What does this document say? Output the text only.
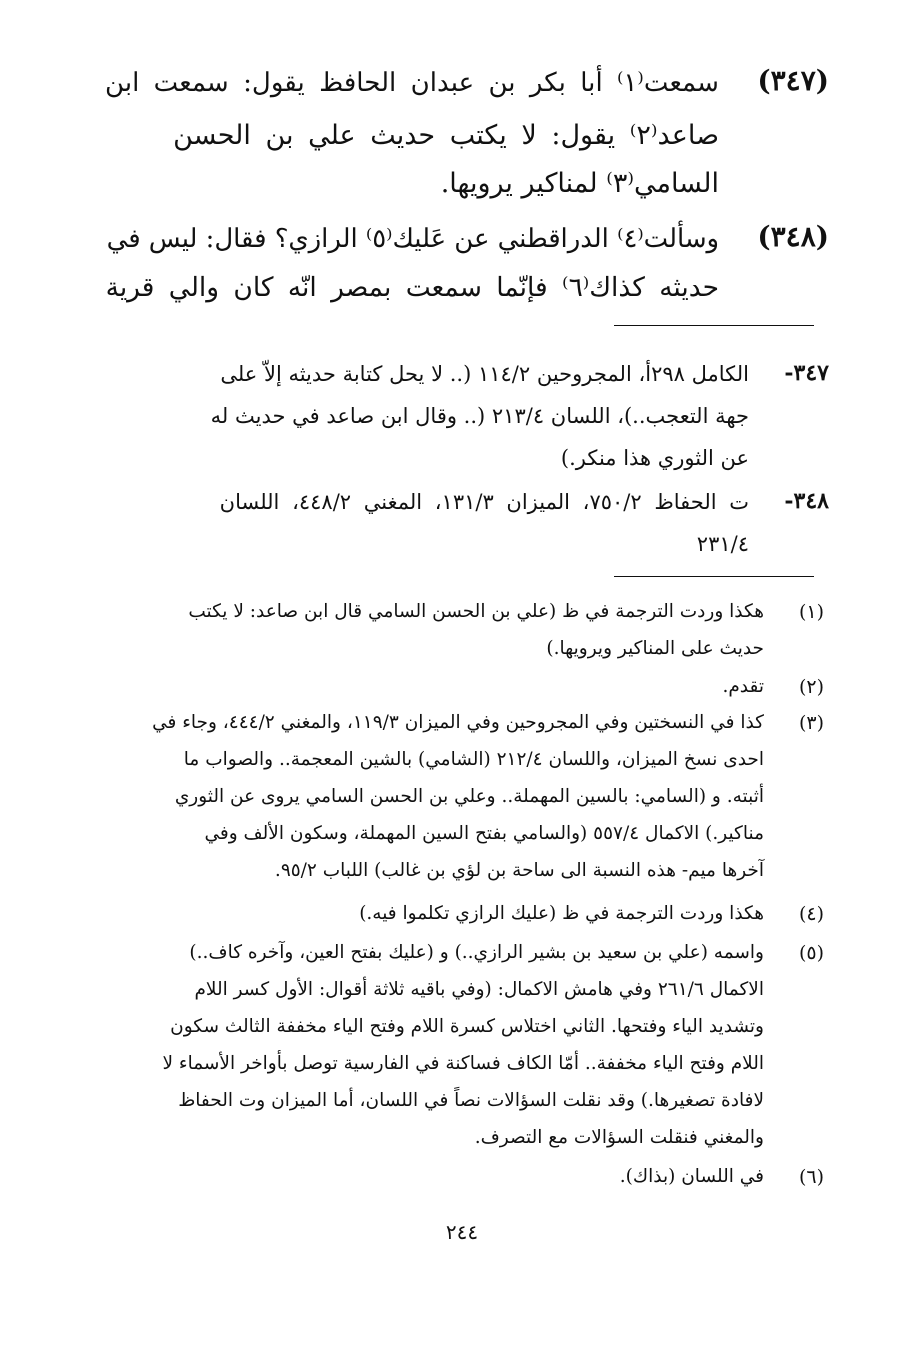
(٣٤٧)
سمعت⁽١⁾ أبا بكر بن عبدان الحافظ يقول: سمعت ابن
صاعد⁽٢⁾ يقول: لا يكتب حديث علي بن الحسن
السامي⁽٣⁾ لمناكير يرويها.
(٣٤٨)
وسألت⁽٤⁾ الدراقطني عن عَليك⁽٥⁾ الرازي؟ فقال: ليس في
حديثه كذاك⁽٦⁾ فإنّما سمعت بمصر انّه كان والي قرية
٣٤٧-
الكامل ٢٩٨أ، المجروحين ١١٤/٢ (.. لا يحل كتابة حديثه إلاّ على
جهة التعجب..)، اللسان ٢١٣/٤ (.. وقال ابن صاعد في حديث له
عن الثوري هذا منكر.)
٣٤٨-
ت الحفاظ ٧٥٠/٢، الميزان ١٣١/٣، المغني ٤٤٨/٢، اللسان
٢٣١/٤
(١)
هكذا وردت الترجمة في ظ (علي بن الحسن السامي قال ابن صاعد: لا يكتب
حديث على المناكير ويرويها.)
(٢)
تقدم.
(٣)
كذا في النسختين وفي المجروحين وفي الميزان ١١٩/٣، والمغني ٤٤٤/٢، وجاء في
احدى نسخ الميزان، واللسان ٢١٢/٤ (الشامي) بالشين المعجمة.. والصواب ما
أثبته. و (السامي: بالسين المهملة.. وعلي بن الحسن السامي يروى عن الثوري
مناكير.) الاكمال ٥٥٧/٤ (والسامي بفتح السين المهملة، وسكون الألف وفي
آخرها ميم- هذه النسبة الى ساحة بن لؤي بن غالب) اللباب ٩٥/٢.
(٤)
هكذا وردت الترجمة في ظ (عليك الرازي تكلموا فيه.)
(٥)
واسمه (علي بن سعيد بن بشير الرازي..) و (عليك بفتح العين، وآخره كاف..)
الاكمال ٢٦١/٦ وفي هامش الاكمال: (وفي باقيه ثلاثة أقوال: الأول كسر اللام
وتشديد الياء وفتحها. الثاني اختلاس كسرة اللام وفتح الياء مخففة الثالث سكون
اللام وفتح الياء مخففة.. أمّا الكاف فساكنة في الفارسية توصل بأواخر الأسماء لا
لافادة تصغيرها.) وقد نقلت السؤالات نصاً في اللسان، أما الميزان وت الحفاظ
والمغني فنقلت السؤالات مع التصرف.
(٦)
في اللسان (بذاك).
٢٤٤
